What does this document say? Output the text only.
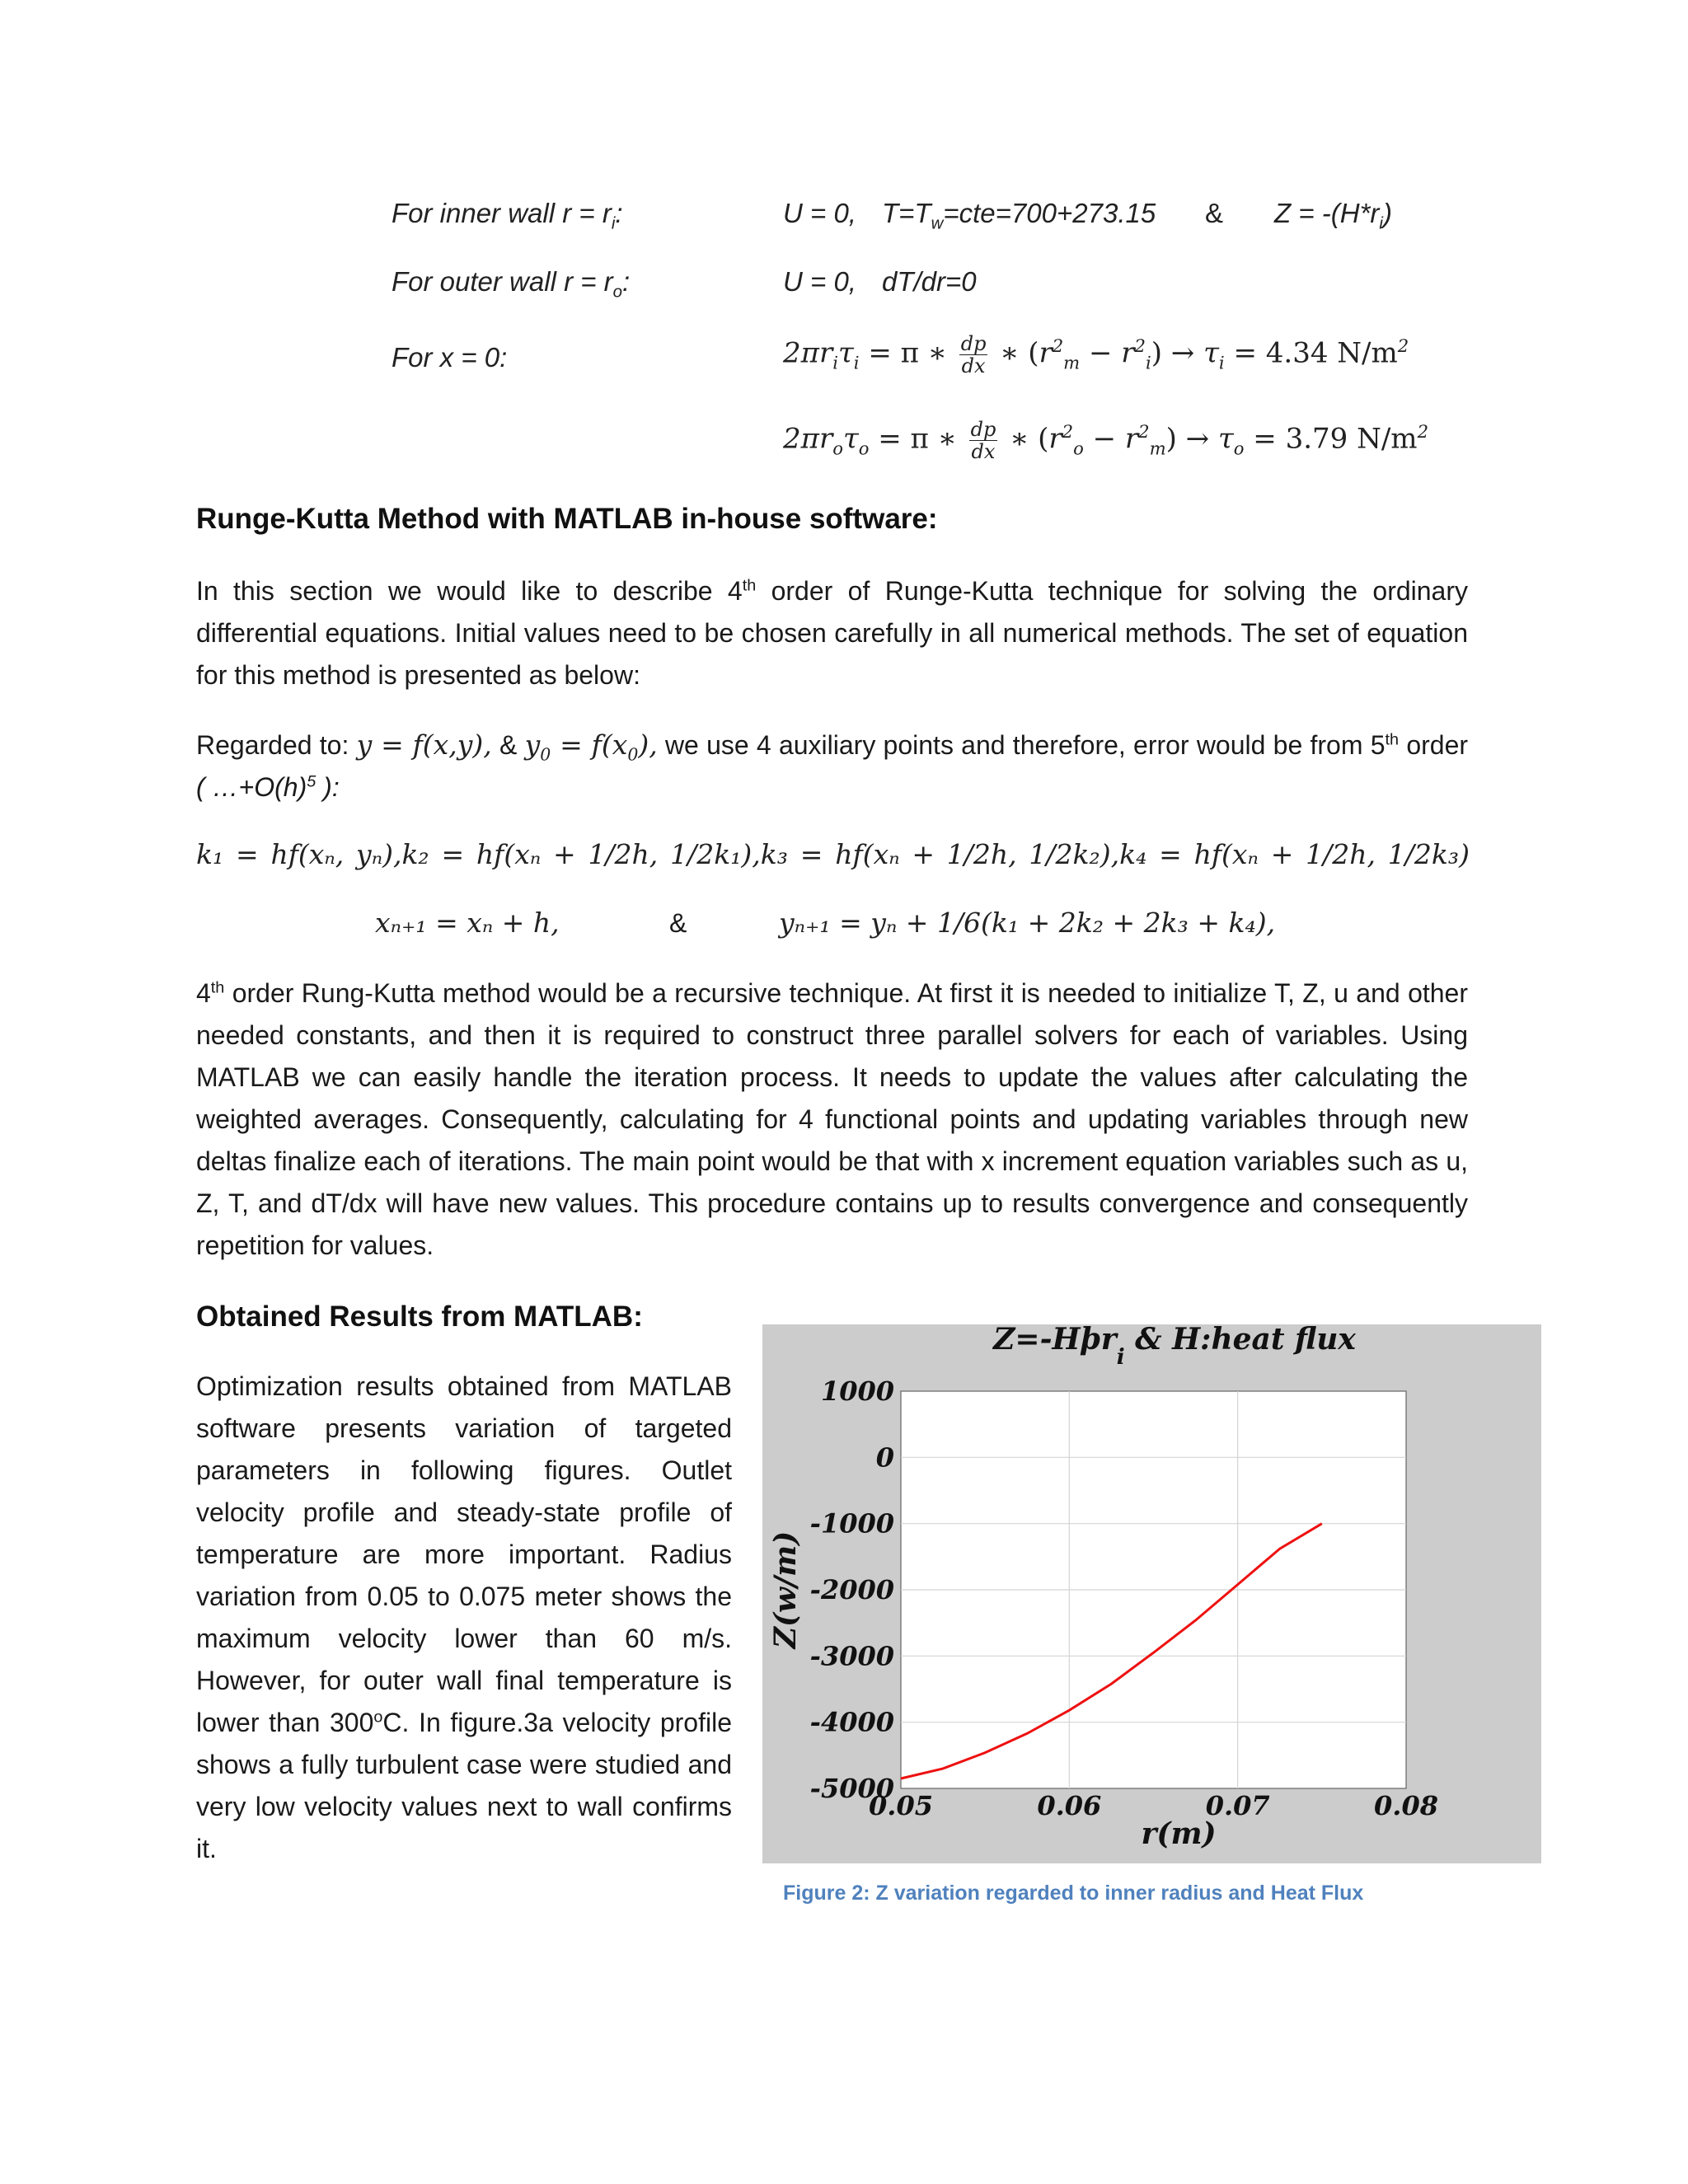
For inner wall $r = r_i$:	U = 0, $T=T_w=cte=700+273.15$ & $Z = -(H*r_i)$
For outer wall $r = r_o$:	U = 0, dT/dr=0
For x = 0:	$2\pi r_i\tau_i = \pi$ ∗ $\frac{dp}{dx}$ ∗ $(r^2_m - r^2_i) \to \tau_i = 4.34$ $N/m^2$
$2\pi r_o\tau_o = \pi$ ∗ $\frac{dp}{dx}$ ∗ $(r^2_o - r^2_m) \to \tau_o = 3.79$ $N/m^2$
Runge-Kutta Method with MATLAB in-house software:
In this section we would like to describe 4th order of Runge-Kutta technique for solving the ordinary differential equations. Initial values need to be chosen carefully in all numerical methods. The set of equation for this method is presented as below:
Regarded to: y = f(x,y), & $y_0 = f(x_0)$, we use 4 auxiliary points and therefore, error would be from 5th order ( $\dots+O(h)^5$ ):
k₁ = hf(xₙ, yₙ),k₂ = hf(xₙ + 1/2h, 1/2k₁),k₃ = hf(xₙ + 1/2h, 1/2k₂),k₄ = hf(xₙ + 1/2h, 1/2k₃)
xₙ₊₁ = xₙ + h,	&	yₙ₊₁ = yₙ + 1/6(k₁ + 2k₂ + 2k₃ + k₄),
4th order Rung-Kutta method would be a recursive technique. At first it is needed to initialize T, Z, u and other needed constants, and then it is required to construct three parallel solvers for each of variables. Using MATLAB we can easily handle the iteration process. It needs to update the values after calculating the weighted averages. Consequently, calculating for 4 functional points and updating variables through new deltas finalize each of iterations. The main point would be that with x increment equation variables such as u, Z, T, and dT/dx will have new values. This procedure contains up to results convergence and consequently repetition for values.
Obtained Results from MATLAB:
Optimization results obtained from MATLAB software presents variation of targeted parameters in following figures. Outlet velocity profile and steady-state profile of temperature are more important. Radius variation from 0.05 to 0.075 meter shows the maximum velocity lower than 60 m/s. However, for outer wall final temperature is lower than 300$^o$C. In figure.3a velocity profile shows a fully turbulent case were studied and very low velocity values next to wall confirms it.
Z=-Hþr$_i$ & H:heat flux
1000
0
-1000
-2000
-3000
-4000
-5000
0.05	0.06	0.07	0.08
r(m)
Z(w/m)
Figure 2: Z variation regarded to inner radius and Heat Flux
